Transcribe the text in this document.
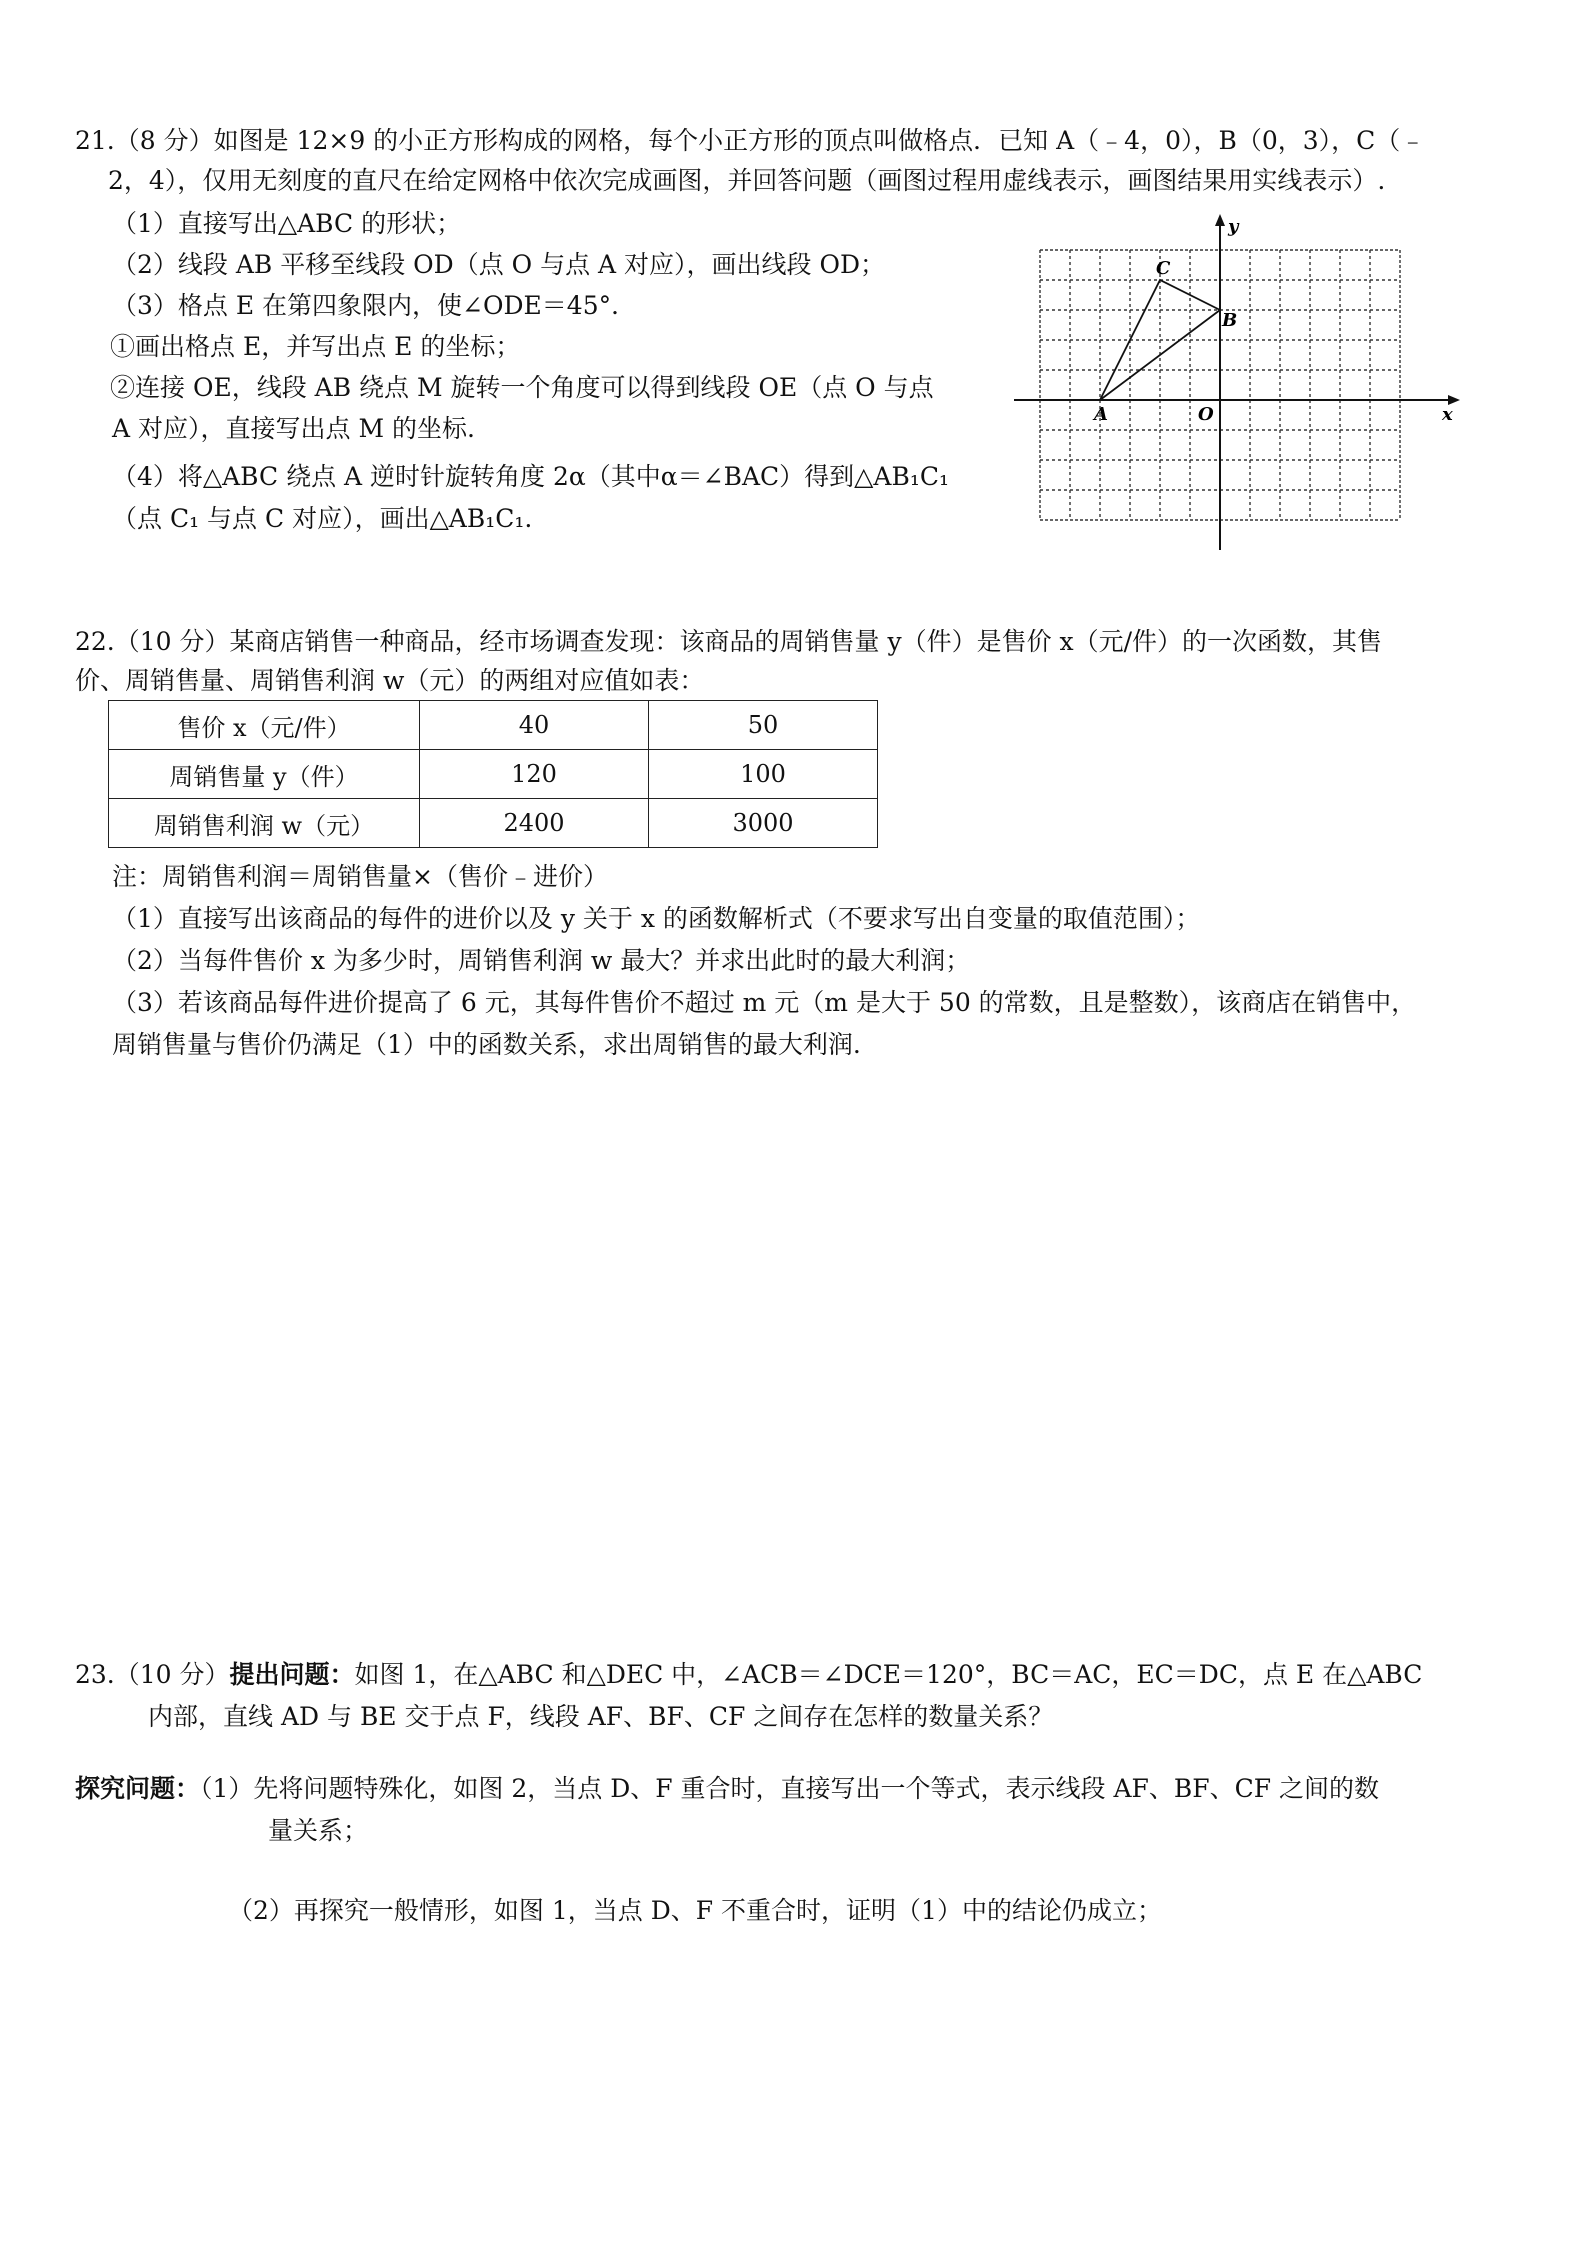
21.（8 分）如图是 12×9 的小正方形构成的网格，每个小正方形的顶点叫做格点．已知 A（﹣4，0），B（0，3），C（﹣
2，4），仅用无刻度的直尺在给定网格中依次完成画图，并回答问题（画图过程用虚线表示，画图结果用实线表示）.
（1）直接写出△ABC 的形状；
（2）线段 AB 平移至线段 OD（点 O 与点 A 对应），画出线段 OD；
（3）格点 E 在第四象限内，使∠ODE＝45°．
①画出格点 E，并写出点 E 的坐标；
②连接 OE，线段 AB 绕点 M 旋转一个角度可以得到线段 OE（点 O 与点
A 对应），直接写出点 M 的坐标.
（4）将△ABC 绕点 A 逆时针旋转角度 2α（其中α＝∠BAC）得到△AB₁C₁
（点 C₁ 与点 C 对应），画出△AB₁C₁.
x
y
O
A
B
C
22.（10 分）某商店销售一种商品，经市场调查发现：该商品的周销售量 y（件）是售价 x（元/件）的一次函数，其售
价、周销售量、周销售利润 w（元）的两组对应值如表：
售价 x（元/件）	40	50
周销售量 y（件）	120	100
周销售利润 w（元）	2400	3000
注：周销售利润＝周销售量×（售价﹣进价）
（1）直接写出该商品的每件的进价以及 y 关于 x 的函数解析式（不要求写出自变量的取值范围）；
（2）当每件售价 x 为多少时，周销售利润 w 最大？并求出此时的最大利润；
（3）若该商品每件进价提高了 6 元，其每件售价不超过 m 元（m 是大于 50 的常数，且是整数），该商店在销售中，
周销售量与售价仍满足（1）中的函数关系，求出周销售的最大利润.
23.（10 分）提出问题：如图 1，在△ABC 和△DEC 中，∠ACB＝∠DCE＝120°，BC＝AC，EC＝DC，点 E 在△ABC
内部，直线 AD 与 BE 交于点 F，线段 AF、BF、CF 之间存在怎样的数量关系？
探究问题：（1）先将问题特殊化，如图 2，当点 D、F 重合时，直接写出一个等式，表示线段 AF、BF、CF 之间的数
量关系；
（2）再探究一般情形，如图 1，当点 D、F 不重合时，证明（1）中的结论仍成立；
